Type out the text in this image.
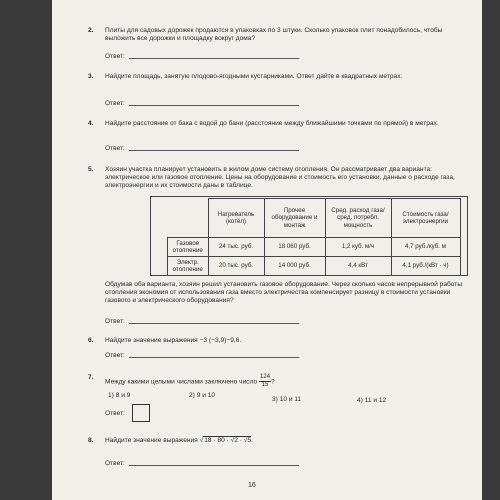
2. Плиты для садовых дорожек продаются в упаковках по 3 штуки. Сколько упаковок плит понадобилось, чтобы выложить все дорожки и площадку вокруг дома?
Ответ:
3. Найдите площадь, занятую плодово-ягодными кустарниками. Ответ дайте в квадратных метрах.
Ответ:
4. Найдите расстояние от бака с водой до бани (расстояние между ближайшими точками по прямой) в метрах.
Ответ:
5. Хозяин участка планирует установить в жилом доме систему отопления. Он рассматривает два варианта: электрическое или газовое отопление. Цены на оборудование и стоимость его установки, данные о расходе газа, электроэнергии и их стоимости даны в таблице.
	Нагреватель (котёл)	Прочее оборудование и монтаж	Сред. расход газа/ сред. потребл. мощность	Стоимость газа/ электроэнергии
Газовое отопление	24 тыс. руб.	18 060 руб.	1,2 куб. м/ч	4,7 руб./куб. м
Электр. отопление	20 тыс. руб.	14 000 руб.	4,4 кВт	4,1 руб./(кВт · ч)
Обдумав оба варианта, хозяин решил установить газовое оборудование. Через сколько часов непрерывной работы отопления экономия от использования газа вместо электричества компенсирует разницу в стоимости установки газового и электрического оборудования?
Ответ:
6. Найдите значение выражения −3 (−3,9)−9,6.
Ответ:
7.
Между какими целыми числами заключено число $\frac{124}{15}$ ?
1) 8 и 9	2) 9 и 10
3) 10 и 11	4) 11 и 12
Ответ:
8. Найдите значение выражения √18 · 80 · √2 · √5.
Ответ:
16
